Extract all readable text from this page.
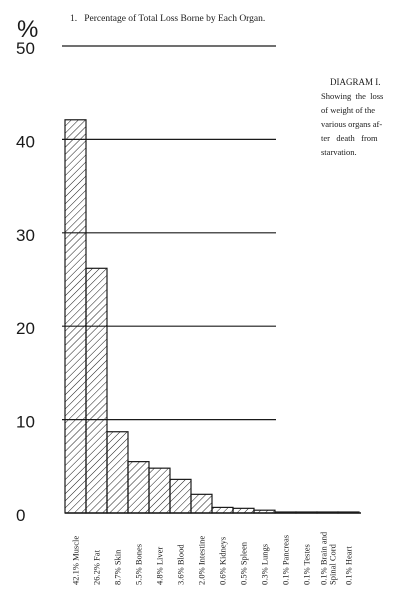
1.   Percentage of Total Loss Borne by Each Organ.
%
0
10
20
30
40
50
42.1% Muscle 26.2% Fat 8.7% Skin 5.5% Bones 4.8% Liver 3.6% Blood 2.0% Intestine 0.6% Kidneys 0.5% Spleen 0.3% Lungs 0.1% Pancreas 0.1% Testes 0.1% Brain andSpinal Cord 0.1% Heart
DIAGRAM I.
Showing  the  loss
of weight of the
various organs af-
ter   death   from
starvation.
